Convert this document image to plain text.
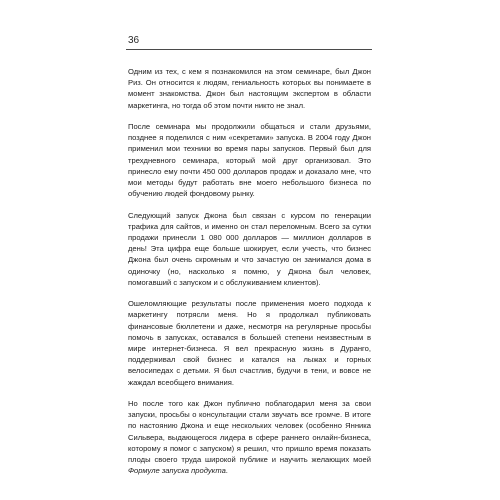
36

Одним из тех, с кем я познакомился на этом семинаре, был Джон Риз. Он относится к людям, гениальность которых вы понимаете в момент знакомства. Джон был настоящим экспертом в области маркетинга, но тогда об этом почти никто не знал.

После семинара мы продолжили общаться и стали друзьями, позднее я поделился с ним «секретами» запуска. В 2004 году Джон применил мои техники во время пары запусков. Первый был для трехдневного семинара, который мой друг организовал. Это принесло ему почти 450 000 долларов продаж и доказало мне, что мои методы будут работать вне моего небольшого бизнеса по обучению людей фондовому рынку.

Следующий запуск Джона был связан с курсом по генерации трафика для сайтов, и именно он стал переломным. Всего за сутки продажи принесли 1 080 000 долларов — миллион долларов в день! Эта цифра еще больше шокирует, если учесть, что бизнес Джона был очень скромным и что зачастую он занимался дома в одиночку (но, насколько я помню, у Джона был человек, помогавший с запуском и с обслуживанием клиентов).

Ошеломляющие результаты после применения моего подхода к маркетингу потрясли меня. Но я продолжал публиковать финансовые бюллетени и даже, несмотря на регулярные просьбы помочь в запусках, оставался в большей степени неизвестным в мире интернет-бизнеса. Я вел прекрасную жизнь в Дуранго, поддерживал свой бизнес и катался на лыжах и горных велосипедах с детьми. Я был счастлив, будучи в тени, и вовсе не жаждал всеобщего внимания.

Но после того как Джон публично поблагодарил меня за свои запуски, просьбы о консультации стали звучать все громче. В итоге по настоянию Джона и еще нескольких человек (особенно Янника Сильвера, выдающегося лидера в сфере раннего онлайн-бизнеса, которому я помог с запуском) я решил, что пришло время показать плоды своего труда широкой публике и научить желающих моей Формуле запуска продукта.
